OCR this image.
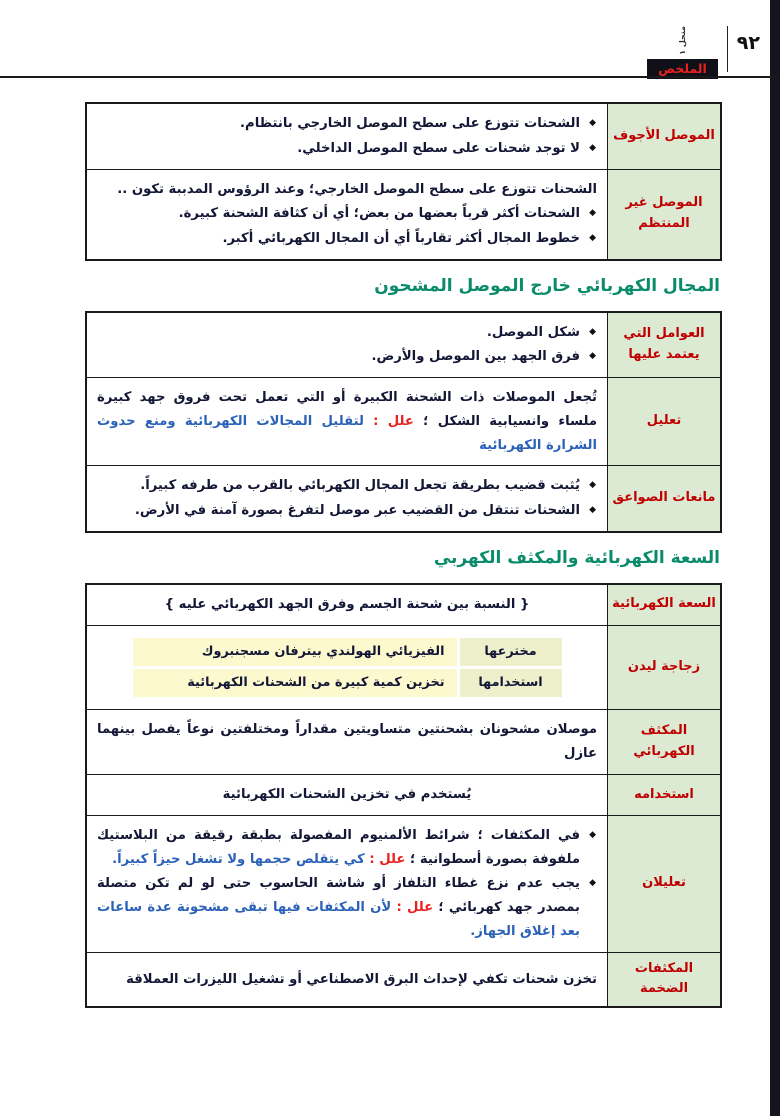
٩٢
منحل ١
الملخص
الموصل الأجوف	◆
الشحنات تتوزع على سطح الموصل الخارجي بانتظام.
◆
لا توجد شحنات على سطح الموصل الداخلي.

الموصل غير المنتظم	الشحنات تتوزع على سطح الموصل الخارجي؛ وعند الرؤوس المدببة تكون ..
◆
الشحنات أكثر قرباً بعضها من بعض؛ أي أن كثافة الشحنة كبيرة.
◆
خطوط المجال أكثر تقارباً أي أن المجال الكهربائي أكبر.
المجال الكهربائي خارج الموصل المشحون
العوامل التي يعتمد عليها	◆
شكل الموصل.
◆
فرق الجهد بين الموصل والأرض.

تعليل	تُجعل الموصلات ذات الشحنة الكبيرة أو التي تعمل تحت فروق جهد كبيرة ملساء وانسيابية الشكل ؛ علل : لتقليل المجالات الكهربائية ومنع حدوث الشرارة الكهربائية

مانعات الصواعق	◆
يُثبت قضيب بطريقة تجعل المجال الكهربائي بالقرب من طرفه كبيراً.
◆
الشحنات تنتقل من القضيب عبر موصل لتفرغ بصورة آمنة في الأرض.
السعة الكهربائية والمكثف الكهربي
السعة الكهربائية	
{ النسبة بين شحنة الجسم وفرق الجهد الكهربائي عليه }

زجاجة ليدن	
مخترعها	الفيزيائي الهولندي بيترفان مسجنبروك
استخدامها	تخزين كمية كبيرة من الشحنات الكهربائية

المكثف الكهربائي	
موصلان مشحونان بشحنتين متساويتين مقداراً ومختلفتين نوعاً يفصل بينهما عازل

استخدامه	
يُستخدم في تخزين الشحنات الكهربائية

تعليلان	
◆
في المكثفات ؛ شرائط الألمنيوم المفصولة بطبقة رقيقة من البلاستيك ملفوفة بصورة أسطوانية ؛ علل : كي يتقلص حجمها ولا تشغل حيزاً كبيراً.
◆
يجب عدم نزع غطاء التلفاز أو شاشة الحاسوب حتى لو لم تكن متصلة بمصدر جهد كهربائي ؛ علل : لأن المكثفات فيها تبقى مشحونة عدة ساعات بعد إغلاق الجهاز.

المكثفات الضخمة	
تخزن شحنات تكفي لإحداث البرق الاصطناعي أو تشغيل الليزرات العملاقة
